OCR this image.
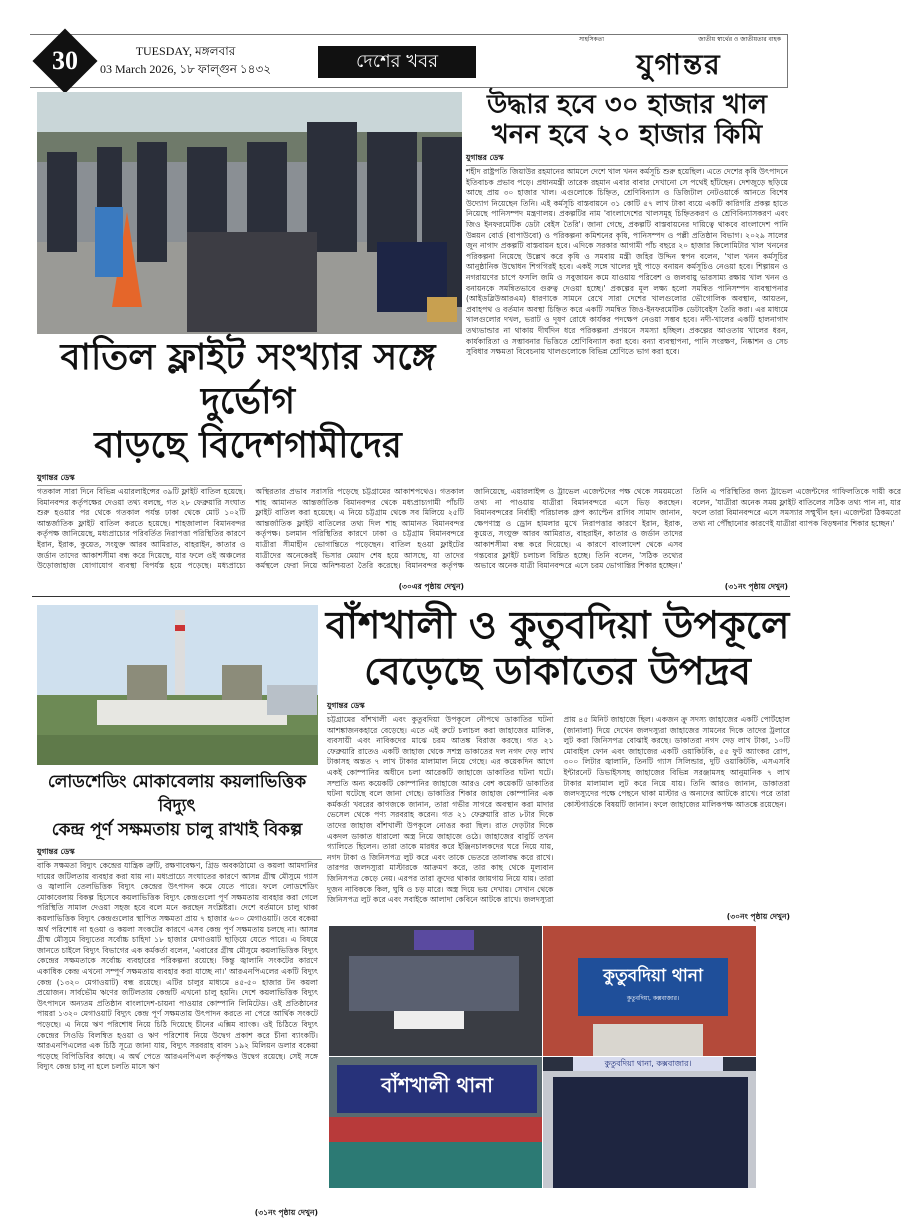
30	TUESDAY, মঙ্গলবার
03 March 2026, ১৮ ফাল্গুন ১৪৩২	দেশের খবর
সাহসিকতা	জাতীয় স্বার্থের ও জাতীয়তার বাহক
যুগান্তর
উদ্ধার হবে ৩০ হাজার খাল
খনন হবে ২০ হাজার কিমি
যুগান্তর ডেস্ক
শহীদ রাষ্ট্রপতি জিয়াউর রহমানের আমলে দেশে খাল খনন কর্মসূচি শুরু হয়েছিল। এতে দেশের কৃষি উৎপাদনে ইতিবাচক প্রভাব পড়ে। প্রধানমন্ত্রী তারেক রহমান এবার বাবার দেখানো সে পথেই হাঁটছেন। দেশজুড়ে ছড়িয়ে আছে প্রায় ৩০ হাজার খাল। এগুলোকে চিহ্নিত, শ্রেণিবিন্যাস ও ডিজিটাল নেটওয়ার্কে আনতে বিশেষ উদ্যোগ নিয়েছেন তিনি। এই কর্মসূচি বাস্তবায়নে ৩১ কোটি ৫৭ লাখ টাকা ব্যয়ে একটি কারিগরি প্রকল্প হাতে নিয়েছে পানিসম্পদ মন্ত্রণালয়। প্রকল্পটির নাম 'বাংলাদেশের খালসমূহ চিহ্নিতকরণ ও শ্রেণিবিন্যাসকরণ এবং জিও ইনফরমেটিক ডেটা বেইস তৈরি'। জানা গেছে, প্রকল্পটি বাস্তবায়নের দায়িত্বে থাকবে বাংলাদেশ পানি উন্নয়ন বোর্ড (বাপাউবো) ও পরিকল্পনা কমিশনের কৃষি, পানিসম্পদ ও পল্লী প্রতিষ্ঠান বিভাগ। ২০২৯ সালের জুন নাগাদ প্রকল্পটি বাস্তবায়ন হবে। এদিকে সরকার আগামী পাঁচ বছরে ২০ হাজার কিলোমিটার খাল খননের পরিকল্পনা নিয়েছে উল্লেখ করে কৃষি ও সমবায় মন্ত্রী জহির উদ্দিন স্বপন বলেন, 'খাল খনন কর্মসূচির আনুষ্ঠানিক উদ্বোধন শিগগিরই হবে। একই সঙ্গে খালের দুই পাড়ে বনায়ন কর্মসূচিও নেওয়া হবে। শিল্পায়ন ও নগরায়ণের চাপে ফসলি জমি ও সবুজায়ন কমে যাওয়ায় পরিবেশ ও জলবায়ু ভারসাম্য রক্ষায় খাল খনন ও বনায়নকে সমন্বিতভাবে গুরুত্ব দেওয়া হচ্ছে।' প্রকল্পের মূল লক্ষ্য হলো সমন্বিত পানিসম্পদ ব্যবস্থাপনার (আইডব্লিউআরএম) ধারণাকে সামনে রেখে সারা দেশের খালগুলোর ভৌগোলিক অবস্থান, আয়তন, প্রবাহপথ ও বর্তমান অবস্থা চিহ্নিত করে একটি সমন্বিত জিও-ইনফরমেটিক ডেটাবেইস তৈরি করা। এর মাধ্যমে খালগুলোর দখল, ভরাট ও দূষণ রোধে কার্যকর পদক্ষেপ নেওয়া সম্ভব হবে। নদী-খালের একটি হালনাগাদ তথ্যভান্ডার না থাকায় দীর্ঘদিন ধরে পরিকল্পনা প্রণয়নে সমস্যা হচ্ছিল। প্রকল্পের আওতায় খালের ধরন, কার্যকারিতা ও সম্ভাবনার ভিত্তিতে শ্রেণিবিন্যাস করা হবে। বন্যা ব্যবস্থাপনা, পানি সংরক্ষণ, নিষ্কাশন ও সেচ সুবিধার সক্ষমতা বিবেচনায় খালগুলোকে বিভিন্ন শ্রেণিতে ভাগ করা হবে।
(৩১নং পৃষ্ঠায় দেখুন)
বাতিল ফ্লাইট সংখ্যার সঙ্গে দুর্ভোগ
বাড়ছে বিদেশগামীদের
যুগান্তর ডেস্ক
গতকাল সারা দিনে বিভিন্ন এয়ারলাইন্সের ৩৯টি ফ্লাইট বাতিল হয়েছে। বিমানবন্দর কর্তৃপক্ষের দেওয়া তথ্য বলছে, গত ২৮ ফেব্রুয়ারি সংঘাত শুরু হওয়ার পর থেকে গতকাল পর্যন্ত ঢাকা থেকে মোট ১০২টি আন্তর্জাতিক ফ্লাইট বাতিল করতে হয়েছে। শাহজালাল বিমানবন্দর কর্তৃপক্ষ জানিয়েছে, মধ্যপ্রাচ্যের পরিবর্তিত নিরাপত্তা পরিস্থিতির কারণে ইরান, ইরাক, কুয়েত, সংযুক্ত আরব আমিরাত, বাহরাইন, কাতার ও জর্ডান তাদের আকাশসীমা বন্ধ করে দিয়েছে, যার ফলে ওই অঞ্চলের উড়োজাহাজ যোগাযোগ ব্যবস্থা বিপর্যস্ত হয়ে পড়েছে। মধ্যপ্রাচ্যে অস্থিরতার প্রভাব সরাসরি পড়েছে চট্টগ্রামের আকাশপথেও। গতকাল শাহ আমানত আন্তর্জাতিক বিমানবন্দর থেকে মধ্যপ্রাচ্যগামী পাঁচটি ফ্লাইট বাতিল করা হয়েছে। এ নিয়ে চট্টগ্রাম থেকে সব মিলিয়ে ২৫টি আন্তর্জাতিক ফ্লাইট বাতিলের তথ্য দিল শাহ আমানত বিমানবন্দর কর্তৃপক্ষ। চলমান পরিস্থিতির কারণে ঢাকা ও চট্টগ্রাম বিমানবন্দরে যাত্রীরা সীমাহীন ভোগান্তিতে পড়েছেন। বাতিল হওয়া ফ্লাইটের যাত্রীদের অনেকেরই ভিসার মেয়াদ শেষ হয়ে আসছে, যা তাদের কর্মস্থলে ফেরা নিয়ে অনিশ্চয়তা তৈরি করেছে। বিমানবন্দর কর্তৃপক্ষ জানিয়েছে, এয়ারলাইন্স ও ট্রাভেল এজেন্টদের পক্ষ থেকে সময়মতো তথ্য না পাওয়ায় যাত্রীরা বিমানবন্দরে এসে ভিড় করছেন। বিমানবন্দরের নির্বাহী পরিচালক গ্রুপ ক্যাপ্টেন রাগিব সামাদ জানান, ক্ষেপণাস্ত্র ও ড্রোন হামলার মুখে নিরাপত্তার কারণে ইরান, ইরাক, কুয়েত, সংযুক্ত আরব আমিরাত, বাহরাইন, কাতার ও জর্ডান তাদের আকাশসীমা বন্ধ করে দিয়েছে। এ কারণে বাংলাদেশ থেকে এসব গন্তব্যের ফ্লাইট চলাচল বিঘ্নিত হচ্ছে। তিনি বলেন, 'সঠিক তথ্যের অভাবে অনেক যাত্রী বিমানবন্দরে এসে চরম ভোগান্তির শিকার হচ্ছেন।' তিনি এ পরিস্থিতির জন্য ট্রাভেল এজেন্টদের গাফিলতিকে দায়ী করে বলেন, 'যাত্রীরা অনেক সময় ফ্লাইট বাতিলের সঠিক তথ্য পান না, যার ফলে তারা বিমানবন্দরে এসে সমস্যার সম্মুখীন হন। এজেন্টরা ঠিকমতো তথ্য না পৌঁছানোর কারণেই যাত্রীরা ব্যাপক বিড়ম্বনার শিকার হচ্ছেন।'
(৩০এর পৃষ্ঠায় দেখুন)
বাঁশখালী ও কুতুবদিয়া উপকূলে
বেড়েছে ডাকাতের উপদ্রব
যুগান্তর ডেস্ক
চট্টগ্রামের বাঁশখালী এবং কুতুবদিয়া উপকূলে নৌপথে ডাকাতির ঘটনা আশঙ্কাজনকহারে বেড়েছে। এতে এই রুটে চলাচল করা জাহাজের মালিক, ব্যবসায়ী এবং নাবিকদের মাঝে চরম আতঙ্ক বিরাজ করছে। গত ২১ ফেব্রুয়ারি রাতেও একটি জাহাজ থেকে সশস্ত্র ডাকাতের দল নগদ দেড় লাখ টাকাসহ অন্তত ৭ লাখ টাকার মালামাল নিয়ে গেছে। এর কয়েকদিন আগে একই কোম্পানির অধীনে চলা আরেকটি জাহাজে ডাকাতির ঘটনা ঘটে। সম্প্রতি অন্য কয়েকটি কোম্পানির জাহাজে আরও বেশ কয়েকটি ডাকাতির ঘটনা ঘটেছে বলে জানা গেছে। ডাকাতির শিকার জাহাজ কোম্পানির এক কর্মকর্তা খবরের কাগজকে জানান, তারা গভীর সাগরে অবস্থান করা মাদার ভেসেল থেকে পণ্য সরবরাহ করেন। গত ২১ ফেব্রুয়ারি রাত ৮টার দিকে তাদের জাহাজ বাঁশখালী উপকূলে নোঙর করা ছিল। রাত দেড়টার দিকে একদল ডাকাত ধারালো অস্ত্র নিয়ে জাহাজে ওঠে। জাহাজের বাবুর্চি তখন গ্যালিতে ছিলেন। তারা তাকে মারধর করে ইঞ্জিনচালকদের ঘরে নিয়ে যায়, নগদ টাকা ও জিনিসপত্র লুট করে এবং তাকে ভেতরে তালাবদ্ধ করে রাখে। তারপর জলদস্যুরা মাস্টারকে আক্রমণ করে, তার কাছ থেকে মূল্যবান জিনিসপত্র কেড়ে নেয়। এরপর তারা ক্রুদের থাকার জায়গায় নিয়ে যায়। তারা দুজন নাবিককে কিল, ঘুষি ও চড় মারে। অস্ত্র দিয়ে ভয় দেখায়। সেখান থেকে জিনিসপত্র লুট করে এবং সবাইকে আলাদা কেবিনে আটকে রাখে। জলদস্যুরা প্রায় ৪৫ মিনিট জাহাজে ছিল। একজন ক্রু সদস্য জাহাজের একটি পোর্টহোল (জানালা) দিয়ে দেখেন জলদস্যুরা জাহাজের সামনের দিকে তাদের ট্রলারে লুট করা জিনিসপত্র বোঝাই করছে। ডাকাতরা নগদ দেড় লাখ টাকা, ১০টি মোবাইল ফোন এবং জাহাজের একটি ওয়াকিটকি, ৫৫ ফুট অ্যাংকর রোপ, ৩০০ লিটার জ্বালানি, তিনটি গ্যাস সিলিন্ডার, দুটি ওয়াকিটকি, এসএসবি ইন্টারনেট ডিভাইসসহ জাহাজের বিভিন্ন সরঞ্জামসহ আনুমানিক ৭ লাখ টাকার মালামাল লুট করে নিয়ে যায়। তিনি আরও জানান, ডাকাতরা জলদস্যুদের পক্ষে পেছনে থাকা মাস্টার ও অন্যদের আটকে রাখে। পরে তারা কোস্টগার্ডকে বিষয়টি জানান। ফলে জাহাজের মালিকপক্ষ আতঙ্কে রয়েছেন।
(৩০নং পৃষ্ঠায় দেখুন)
লোডশেডিং মোকাবেলায় কয়লাভিত্তিক বিদ্যুৎ
কেন্দ্র পূর্ণ সক্ষমতায় চালু রাখাই বিকল্প
যুগান্তর ডেস্ক
বাকি সক্ষমতা বিদ্যুৎ কেন্দ্রের যান্ত্রিক ত্রুটি, রক্ষণাবেক্ষণ, গ্রিড অবকাঠামো ও কয়লা আমদানির দায়ের জটিলতায় ব্যবহার করা যায় না। মধ্যপ্রাচ্যে সংঘাতের কারণে আসন্ন গ্রীষ্ম মৌসুমে গ্যাস ও জ্বালানি তেলভিত্তিক বিদ্যুৎ কেন্দ্রের উৎপাদন কমে যেতে পারে। ফলে লোডশেডিং মোকাবেলায় বিকল্প হিসেবে কয়লাভিত্তিক বিদ্যুৎ কেন্দ্রগুলো পূর্ণ সক্ষমতায় ব্যবহার করা গেলে পরিস্থিতি সামাল দেওয়া সহজ হবে বলে মনে করছেন সংশ্লিষ্টরা। দেশে বর্তমানে চালু থাকা কয়লাভিত্তিক বিদ্যুৎ কেন্দ্রগুলোর স্থাপিত সক্ষমতা প্রায় ৭ হাজার ৬০০ মেগাওয়াট। তবে বকেয়া অর্থ পরিশোধ না হওয়া ও কয়লা সংকটের কারণে এসব কেন্দ্র পূর্ণ সক্ষমতায় চলছে না। আসন্ন গ্রীষ্ম মৌসুমে বিদ্যুতের সর্বোচ্চ চাহিদা ১৮ হাজার মেগাওয়াট ছাড়িয়ে যেতে পারে। এ বিষয়ে জানতে চাইলে বিদ্যুৎ বিভাগের এক কর্মকর্তা বলেন, 'এবারের গ্রীষ্ম মৌসুমে কয়লাভিত্তিক বিদ্যুৎ কেন্দ্রের সক্ষমতাকে সর্বোচ্চ ব্যবহারের পরিকল্পনা রয়েছে। কিন্তু জ্বালানি সংকটের কারণে একাধিক কেন্দ্র এখনো সম্পূর্ণ সক্ষমতায় ব্যবহার করা যাচ্ছে না।' আরএনপিএলের একটি বিদ্যুৎ কেন্দ্র (১৩২০ মেগাওয়াট) বন্ধ রয়েছে। এটির চালুর মাধ্যমে ৪৫-৫০ হাজার টন কয়লা প্রয়োজন। সার্বভৌম ঋণের জটিলতায় কেন্দ্রটি এখনো চালু হয়নি। দেশে কয়লাভিত্তিক বিদ্যুৎ উৎপাদনে অন্যতম প্রতিষ্ঠান বাংলাদেশ-চায়না পাওয়ার কোম্পানি লিমিটেড। ওই প্রতিষ্ঠানের পায়রা ১৩২০ মেগাওয়াট বিদ্যুৎ কেন্দ্র পূর্ণ সক্ষমতায় উৎপাদন করতে না পেরে আর্থিক সংকটে পড়েছে। এ নিয়ে ঋণ পরিশোধ নিয়ে চিঠি দিয়েছে চীনের এক্সিম ব্যাংক। ওই চিঠিতে বিদ্যুৎ কেন্দ্রের সিওডি বিলম্বিত হওয়া ও ঋণ পরিশোধ নিয়ে উদ্বেগ প্রকাশ করে চীনা ব্যাংকটি। আরএনপিএলের এক চিঠি সূত্রে জানা যায়, বিদ্যুৎ সরবরাহ বাবদ ১৯২ মিলিয়ন ডলার বকেয়া পড়েছে বিপিডিবির কাছে। এ অর্থ পেতে আরএনপিএল কর্তৃপক্ষও উদ্বেগ রয়েছে। সেই সঙ্গে বিদ্যুৎ কেন্দ্র চালু না হলে চলতি মাসে ঋণ
(৩১নং পৃষ্ঠায় দেখুন)
কুতুবদিয়া থানা
কুতুবদিয়া, কক্সবাজার।
বাঁশখালী থানা
কুতুবদিয়া থানা, কক্সবাজার।
